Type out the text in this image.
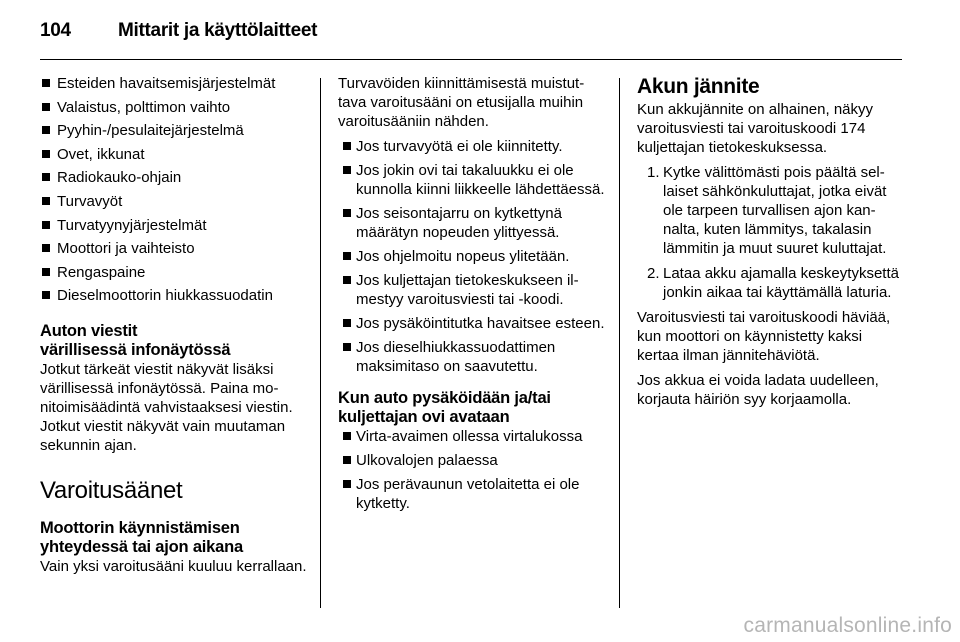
104	Mittarit ja käyttölaitteet
Esteiden havaitsemisjärjestelmät
Valaistus, polttimon vaihto
Pyyhin-/pesulaitejärjestelmä
Ovet, ikkunat
Radiokauko-ohjain
Turvavyöt
Turvatyynyjärjestelmät
Moottori ja vaihteisto
Rengaspaine
Dieselmoottorin hiukkassuodatin
Auton viestit
värillisessä infonäytössä

Jotkut tärkeät viestit näkyvät lisäksi värillisessä infonäytössä. Paina monitoimisäädintä vahvistaaksesi viestin. Jotkut viestit näkyvät vain muutaman sekunnin ajan.

Varoitusäänet
Moottorin käynnistämisen
yhteydessä tai ajon aikana

Vain yksi varoitusääni kuuluu kerrallaan.

Turvavöiden kiinnittämisestä muistuttava varoitusääni on etusijalla muihin varoitusääniin nähden.

Jos turvavyötä ei ole kiinnitetty.
Jos jokin ovi tai takaluukku ei ole kunnolla kiinni liikkeelle lähdettäessä.
Jos seisontajarru on kytkettynä määrätyn nopeuden ylittyessä.
Jos ohjelmoitu nopeus ylitetään.
Jos kuljettajan tietokeskukseen ilmestyy varoitusviesti tai -koodi.
Jos pysäköintitutka havaitsee esteen.
Jos dieselhiukkassuodattimen maksimitaso on saavutettu.
Kun auto pysäköidään ja/tai
kuljettajan ovi avataan
Virta-avaimen ollessa virtalukossa
Ulkovalojen palaessa
Jos perävaunun vetolaitetta ei ole kytketty.
Akun jännite

Kun akkujännite on alhainen, näkyy varoitusviesti tai varoituskoodi 174 kuljettajan tietokeskuksessa.

1. Kytke välittömästi pois päältä sellaiset sähkönkuluttajat, jotka eivät ole tarpeen turvallisen ajon kannalta, kuten lämmitys, takalasin lämmitin ja muut suuret kuluttajat.
2. Lataa akku ajamalla keskeytyksettä jonkin aikaa tai käyttämällä laturia.

Varoitusviesti tai varoituskoodi häviää, kun moottori on käynnistetty kaksi kertaa ilman jännitehäviötä.

Jos akkua ei voida ladata uudelleen, korjauta häiriön syy korjaamolla.

carmanualsonline.info
